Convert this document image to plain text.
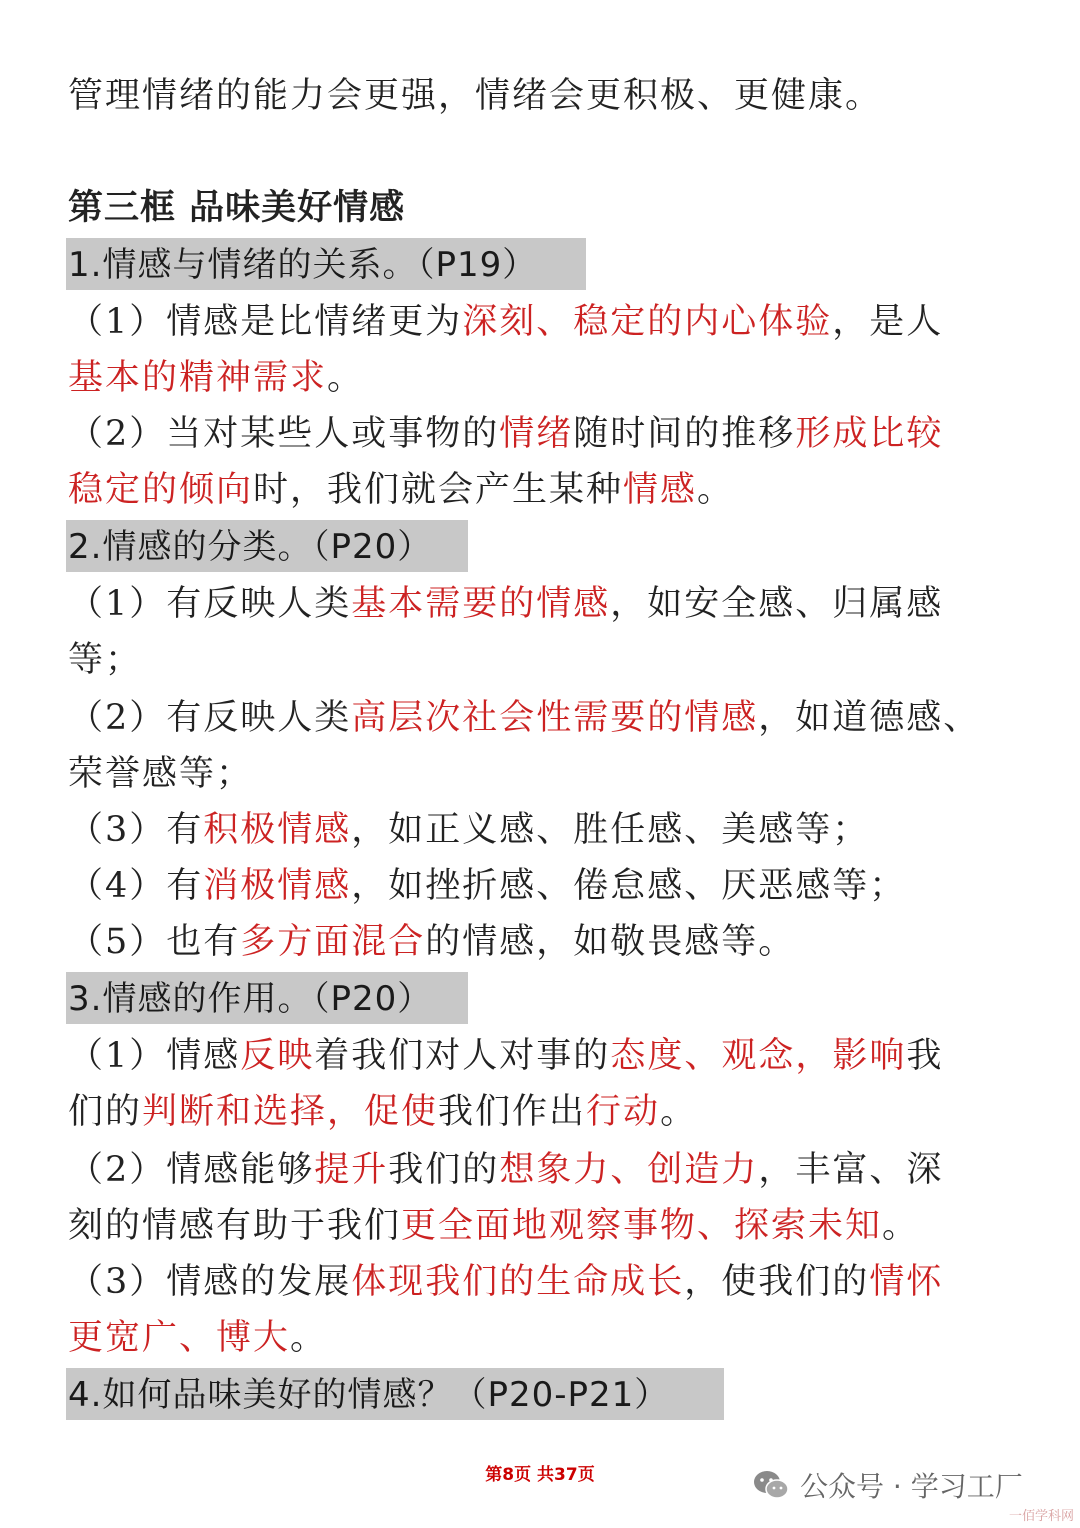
管理情绪的能力会更强，情绪会更积极、更健康。
第三框 品味美好情感
1.情感与情绪的关系。（P19）
（1）情感是比情绪更为深刻、稳定的内心体验，是人
基本的精神需求。
（2）当对某些人或事物的情绪随时间的推移形成比较
稳定的倾向时，我们就会产生某种情感。
2.情感的分类。（P20）
（1）有反映人类基本需要的情感，如安全感、归属感
等；
（2）有反映人类高层次社会性需要的情感，如道德感、
荣誉感等；
（3）有积极情感，如正义感、胜任感、美感等；
（4）有消极情感，如挫折感、倦怠感、厌恶感等；
（5）也有多方面混合的情感，如敬畏感等。
3.情感的作用。（P20）
（1）情感反映着我们对人对事的态度、观念，影响我
们的判断和选择，促使我们作出行动。
（2）情感能够提升我们的想象力、创造力，丰富、深
刻的情感有助于我们更全面地观察事物、探索未知。
（3）情感的发展体现我们的生命成长，使我们的情怀
更宽广、博大。
4.如何品味美好的情感？（P20-P21）
第8页 共37页	公众号 · 学习工厂
一佰学科网
